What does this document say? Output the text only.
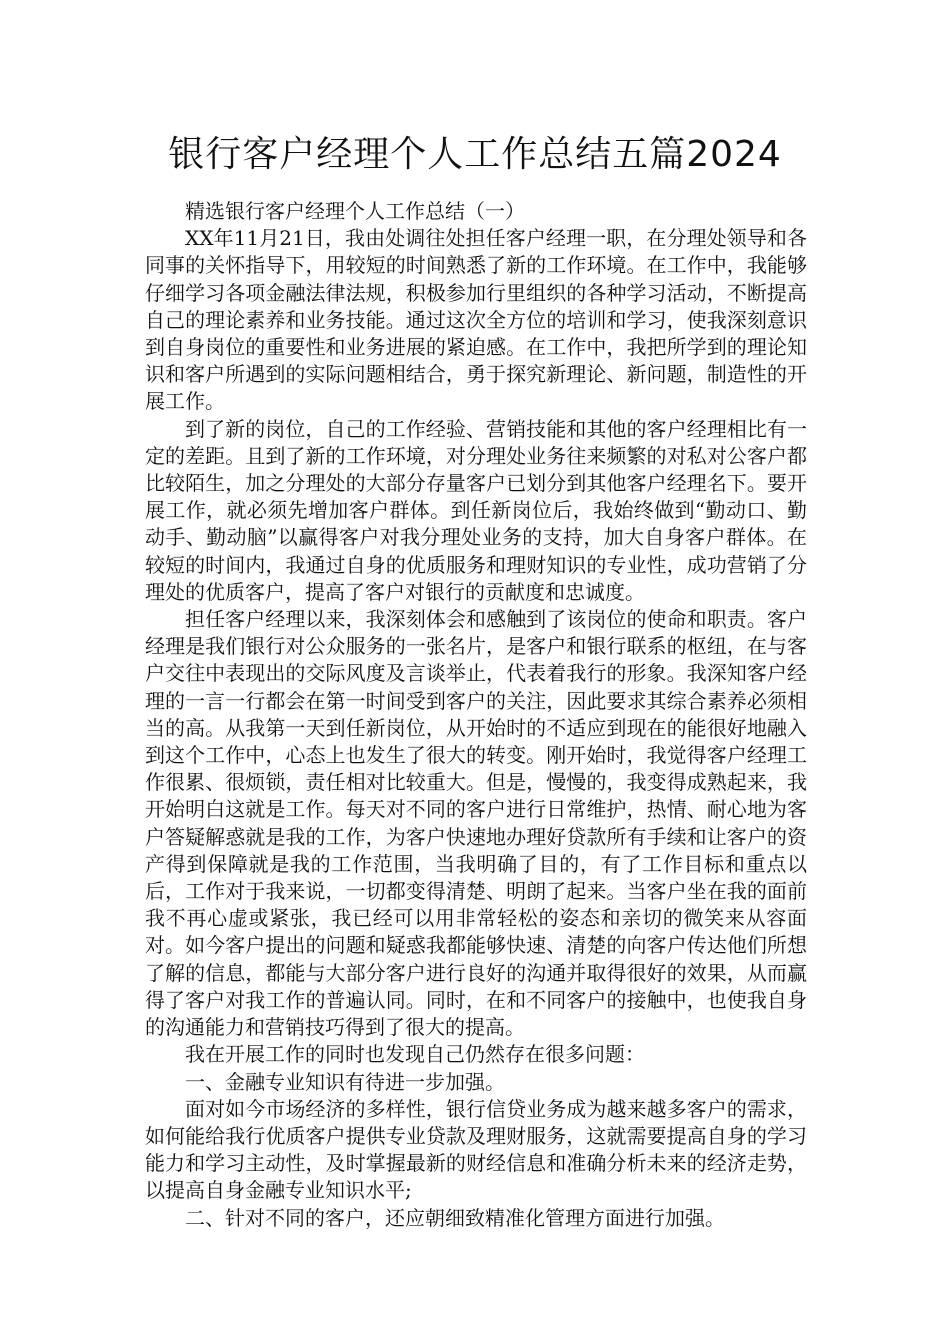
银行客户经理个人工作总结五篇2024

精选银行客户经理个人工作总结（一）

XX年11月21日，我由处调往处担任客户经理一职，在分理处领导和各同事的关怀指导下，用较短的时间熟悉了新的工作环境。在工作中，我能够仔细学习各项金融法律法规，积极参加行里组织的各种学习活动，不断提高自己的理论素养和业务技能。通过这次全方位的培训和学习，使我深刻意识到自身岗位的重要性和业务进展的紧迫感。在工作中，我把所学到的理论知识和客户所遇到的实际问题相结合，勇于探究新理论、新问题，制造性的开展工作。

到了新的岗位，自己的工作经验、营销技能和其他的客户经理相比有一定的差距。且到了新的工作环境，对分理处业务往来频繁的对私对公客户都比较陌生，加之分理处的大部分存量客户已划分到其他客户经理名下。要开展工作，就必须先增加客户群体。到任新岗位后，我始终做到“勤动口、勤动手、勤动脑”以赢得客户对我分理处业务的支持，加大自身客户群体。在较短的时间内，我通过自身的优质服务和理财知识的专业性，成功营销了分理处的优质客户，提高了客户对银行的贡献度和忠诚度。

担任客户经理以来，我深刻体会和感触到了该岗位的使命和职责。客户经理是我们银行对公众服务的一张名片，是客户和银行联系的枢纽，在与客户交往中表现出的交际风度及言谈举止，代表着我行的形象。我深知客户经理的一言一行都会在第一时间受到客户的关注，因此要求其综合素养必须相当的高。从我第一天到任新岗位，从开始时的不适应到现在的能很好地融入到这个工作中，心态上也发生了很大的转变。刚开始时，我觉得客户经理工作很累、很烦锁，责任相对比较重大。但是，慢慢的，我变得成熟起来，我开始明白这就是工作。每天对不同的客户进行日常维护，热情、耐心地为客户答疑解惑就是我的工作，为客户快速地办理好贷款所有手续和让客户的资产得到保障就是我的工作范围，当我明确了目的，有了工作目标和重点以后，工作对于我来说，一切都变得清楚、明朗了起来。当客户坐在我的面前我不再心虚或紧张，我已经可以用非常轻松的姿态和亲切的微笑来从容面对。如今客户提出的问题和疑惑我都能够快速、清楚的向客户传达他们所想了解的信息，都能与大部分客户进行良好的沟通并取得很好的效果，从而赢得了客户对我工作的普遍认同。同时，在和不同客户的接触中，也使我自身的沟通能力和营销技巧得到了很大的提高。

我在开展工作的同时也发现自己仍然存在很多问题：

一、金融专业知识有待进一步加强。

面对如今市场经济的多样性，银行信贷业务成为越来越多客户的需求，如何能给我行优质客户提供专业贷款及理财服务，这就需要提高自身的学习能力和学习主动性，及时掌握最新的财经信息和准确分析未来的经济走势，以提高自身金融专业知识水平;

二、针对不同的客户，还应朝细致精准化管理方面进行加强。
